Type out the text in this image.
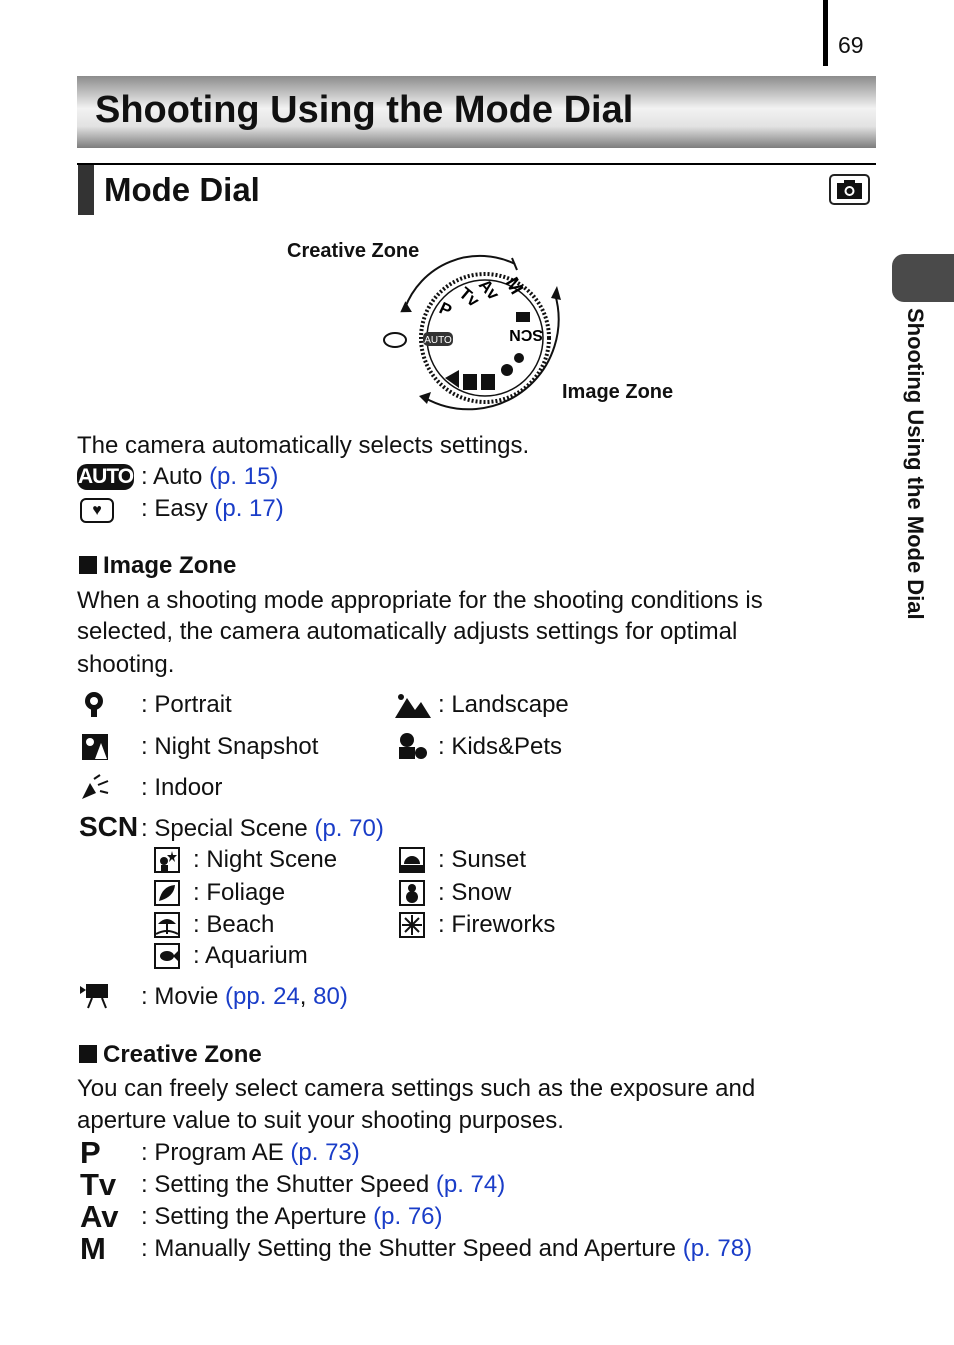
69
Shooting Using the Mode Dial
Mode Dial
Shooting Using the Mode Dial
Creative Zone
Image Zone
AUTO
M
Av
Tv
P
SCN
The camera automatically selects settings.
AUTO : Auto (p. 15)
♥	: Easy (p. 17)
Image Zone
When a shooting mode appropriate for the shooting conditions is
selected, the camera automatically adjusts settings for optimal
shooting.
: Portrait	: Landscape
: Night Snapshot	: Kids&Pets
: Indoor
SCN : Special Scene (p. 70)
: Night Scene	: Sunset
: Foliage	: Snow
: Beach	: Fireworks
: Aquarium
: Movie (pp. 24, 80)
Creative Zone
You can freely select camera settings such as the exposure and
aperture value to suit your shooting purposes.
P : Program AE (p. 73)
Tv : Setting the Shutter Speed (p. 74)
Av : Setting the Aperture (p. 76)
M : Manually Setting the Shutter Speed and Aperture (p. 78)
